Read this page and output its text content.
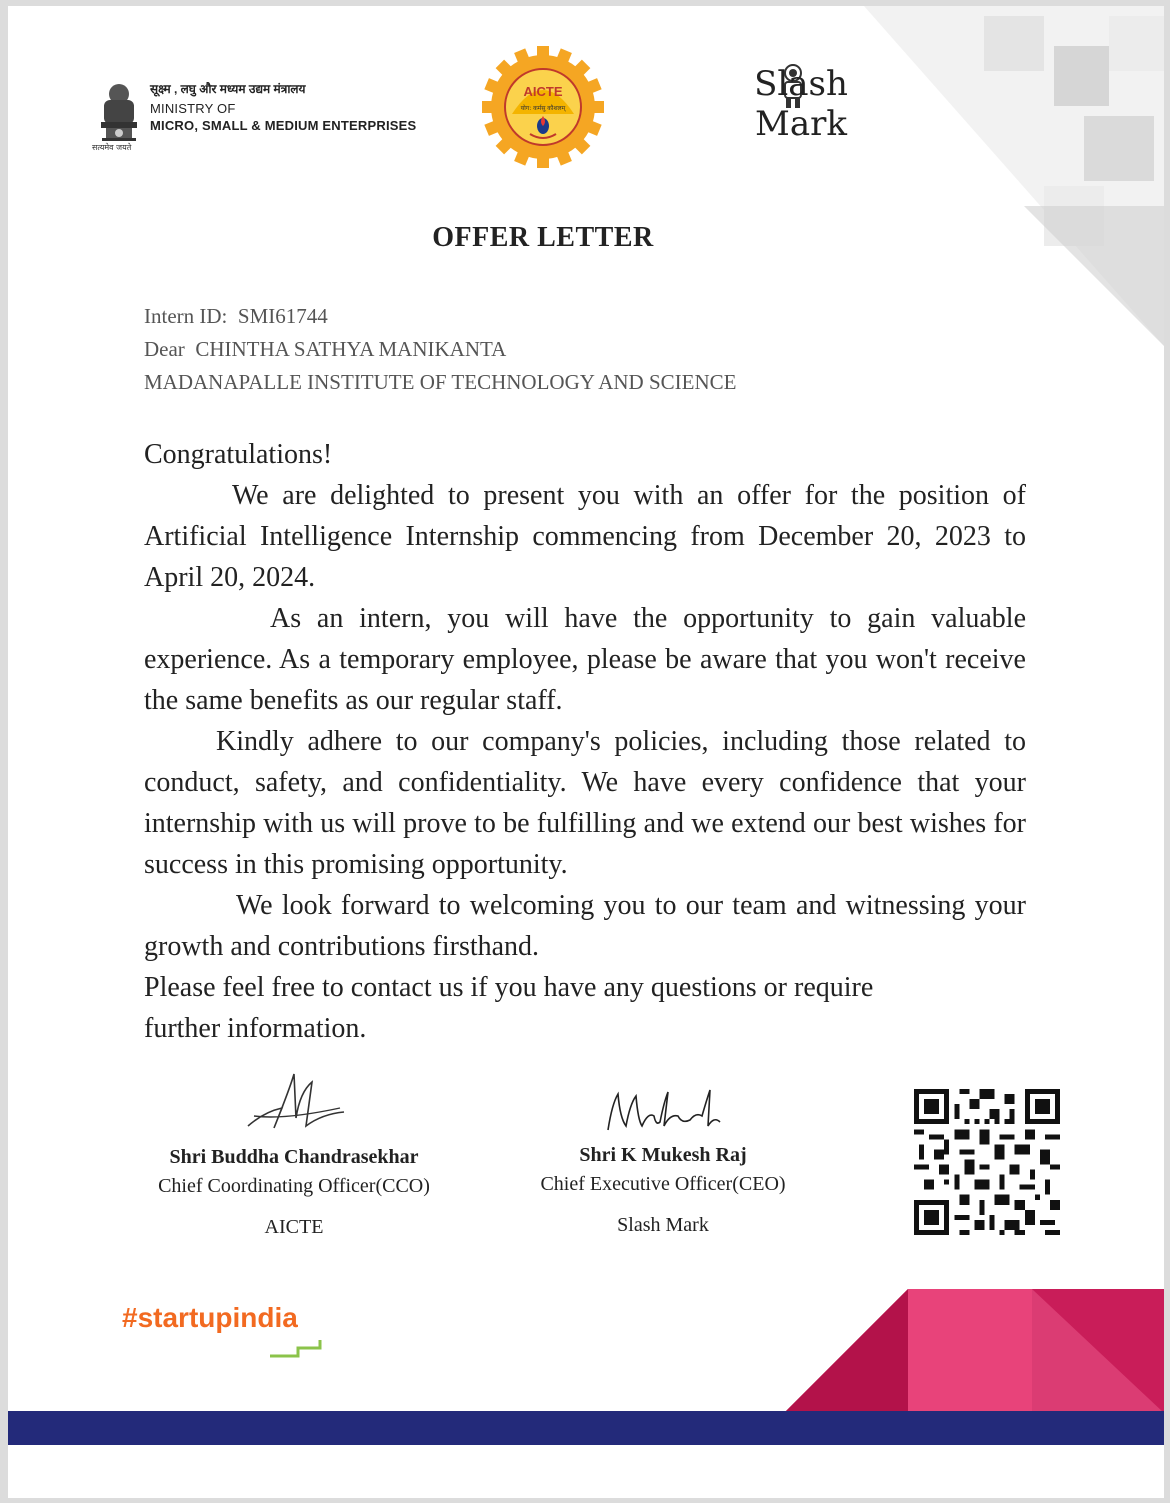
सत्यमेव जयते
सूक्ष्म , लघु और मध्यम उद्यम मंत्रालय
MINISTRY OF
MICRO, SMALL & MEDIUM ENTERPRISES
AICTE
योग: कर्मसु कौशलम्
Slash Mark
OFFER LETTER
Intern ID: SMI61744
Dear CHINTHA SATHYA MANIKANTA
MADANAPALLE INSTITUTE OF TECHNOLOGY AND SCIENCE

Congratulations!

We are delighted to present you with an offer for the position of Artificial Intelligence Internship commencing from December 20, 2023 to April 20, 2024.

As an intern, you will have the opportunity to gain valuable experience. As a temporary employee, please be aware that you won't receive the same benefits as our regular staff.

Kindly adhere to our company's policies, including those related to conduct, safety, and confidentiality. We have every confidence that your internship with us will prove to be fulfilling and we extend our best wishes for success in this promising opportunity.

We look forward to welcoming you to our team and witnessing your growth and contributions firsthand.

Please feel free to contact us if you have any questions or require further information.

Shri Buddha Chandrasekhar
Chief Coordinating Officer(CCO)
AICTE
Shri K Mukesh Raj
Chief Executive Officer(CEO)
Slash Mark
#startupindia
